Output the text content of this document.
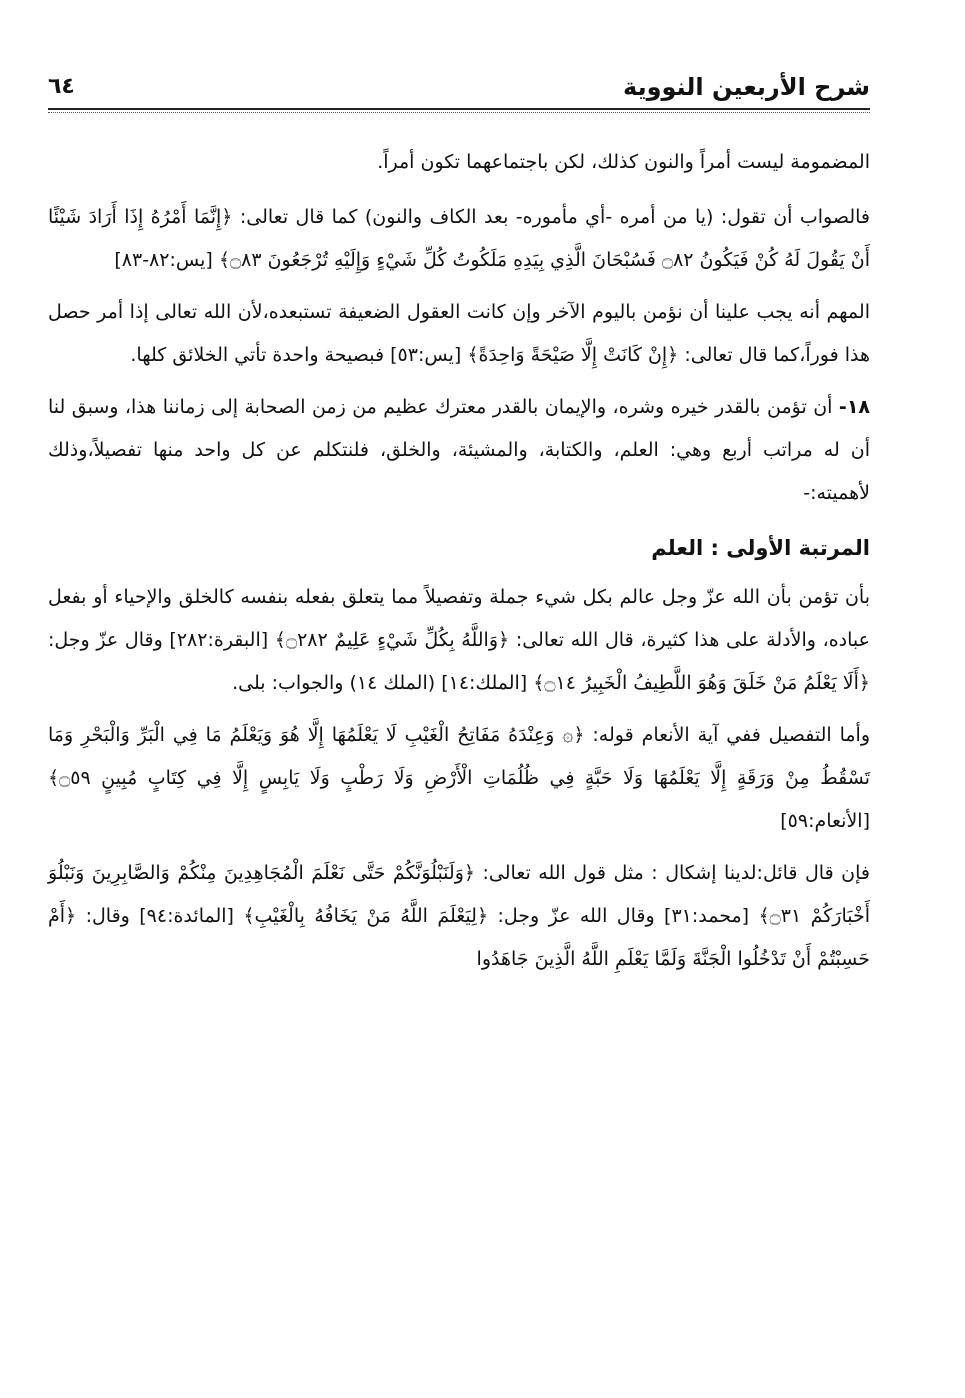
شرح الأربعين النووية
٦٤

المضمومة ليست أمراً والنون كذلك، لكن باجتماعهما تكون أمراً.

فالصواب أن تقول: (يا من أمره -أي مأموره- بعد الكاف والنون) كما قال تعالى: ﴿إِنَّمَا أَمْرُهُ إِذَا أَرَادَ شَيْئًا أَنْ يَقُولَ لَهُ كُنْ فَيَكُونُ ۝٨٢ فَسُبْحَانَ الَّذِي بِيَدِهِ مَلَكُوتُ كُلِّ شَيْءٍ وَإِلَيْهِ تُرْجَعُونَ ۝٨٣﴾ [يس:٨٢-٨٣]

المهم أنه يجب علينا أن نؤمن باليوم الآخر وإن كانت العقول الضعيفة تستبعده،لأن الله تعالى إذا أمر حصل هذا فوراً،كما قال تعالى: ﴿إِنْ كَانَتْ إِلَّا صَيْحَةً وَاحِدَةً﴾ [يس:٥٣] فبصيحة واحدة تأتي الخلائق كلها.

١٨- أن تؤمن بالقدر خيره وشره، والإيمان بالقدر معترك عظيم من زمن الصحابة إلى زماننا هذا، وسبق لنا أن له مراتب أربع وهي: العلم، والكتابة، والمشيئة، والخلق، فلنتكلم عن كل واحد منها تفصيلاً،وذلك لأهميته:-

المرتبة الأولى : العلم

بأن تؤمن بأن الله عزّ وجل عالم بكل شيء جملة وتفصيلاً مما يتعلق بفعله بنفسه كالخلق والإحياء أو بفعل عباده، والأدلة على هذا كثيرة، قال الله تعالى: ﴿وَاللَّهُ بِكُلِّ شَيْءٍ عَلِيمٌ ۝٢٨٢﴾ [البقرة:٢٨٢] وقال عزّ وجل: ﴿أَلَا يَعْلَمُ مَنْ خَلَقَ وَهُوَ اللَّطِيفُ الْخَبِيرُ ۝١٤﴾ [الملك:١٤] (الملك ١٤) والجواب: بلى.

وأما التفصيل ففي آية الأنعام قوله: ﴿۞ وَعِنْدَهُ مَفَاتِحُ الْغَيْبِ لَا يَعْلَمُهَا إِلَّا هُوَ وَيَعْلَمُ مَا فِي الْبَرِّ وَالْبَحْرِ وَمَا تَسْقُطُ مِنْ وَرَقَةٍ إِلَّا يَعْلَمُهَا وَلَا حَبَّةٍ فِي ظُلُمَاتِ الْأَرْضِ وَلَا رَطْبٍ وَلَا يَابِسٍ إِلَّا فِي كِتَابٍ مُبِينٍ ۝٥٩﴾ [الأنعام:٥٩]

فإن قال قائل:لدينا إشكال : مثل قول الله تعالى: ﴿وَلَنَبْلُوَنَّكُمْ حَتَّى نَعْلَمَ الْمُجَاهِدِينَ مِنْكُمْ وَالصَّابِرِينَ وَنَبْلُوَ أَخْبَارَكُمْ ۝٣١﴾ [محمد:٣١] وقال الله عزّ وجل: ﴿لِيَعْلَمَ اللَّهُ مَنْ يَخَافُهُ بِالْغَيْبِ﴾ [المائدة:٩٤] وقال: ﴿أَمْ حَسِبْتُمْ أَنْ تَدْخُلُوا الْجَنَّةَ وَلَمَّا يَعْلَمِ اللَّهُ الَّذِينَ جَاهَدُوا
